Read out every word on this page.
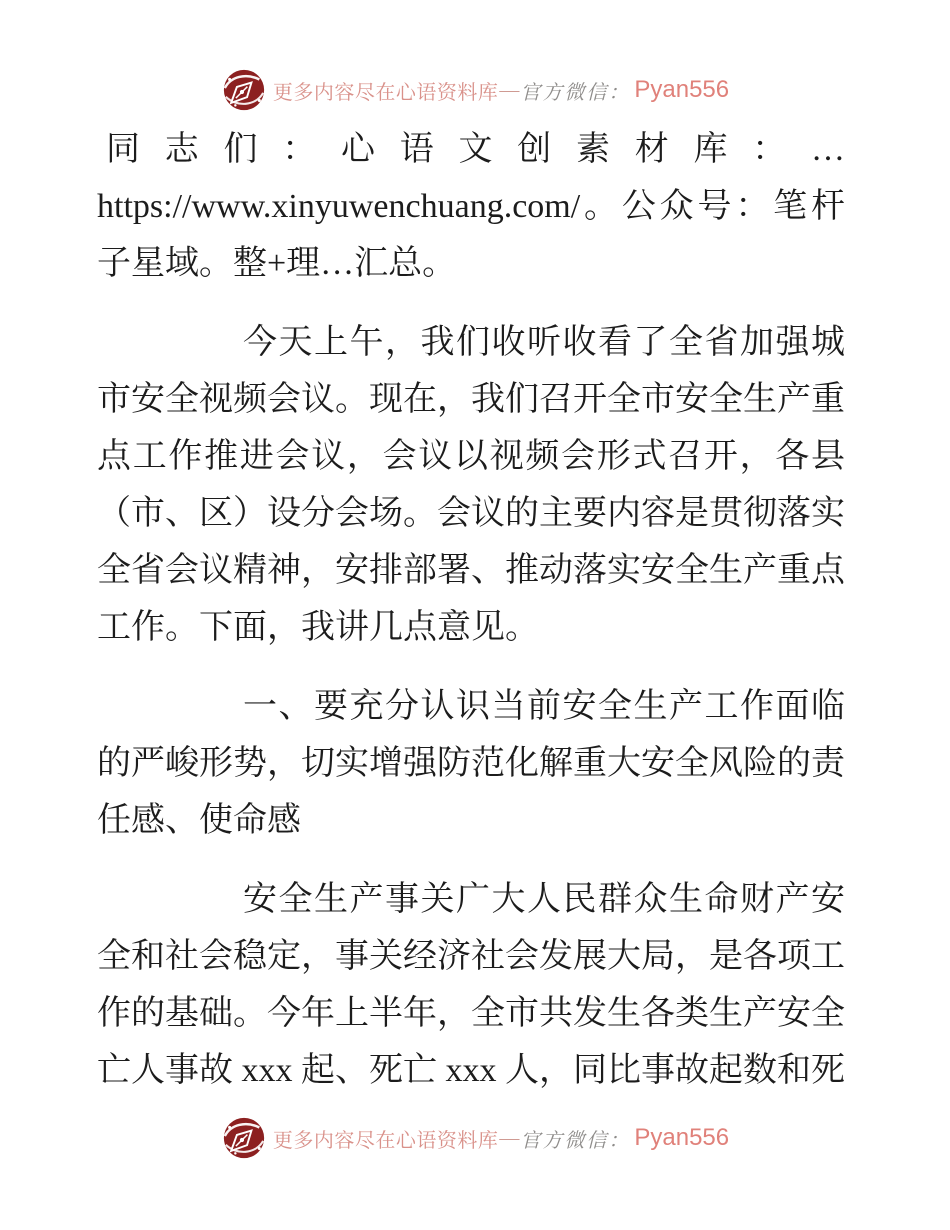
更多内容尽在心语资料库 — 官方微信： Pyan556

同志们：心语文创素材库：…https://www.xinyuwenchuang.com/。公众号：笔杆子星域。整+理…汇总。

今天上午，我们收听收看了全省加强城市安全视频会议。现在，我们召开全市安全生产重点工作推进会议，会议以视频会形式召开，各县（市、区）设分会场。会议的主要内容是贯彻落实全省会议精神，安排部署、推动落实安全生产重点工作。下面，我讲几点意见。

一、要充分认识当前安全生产工作面临的严峻形势，切实增强防范化解重大安全风险的责任感、使命感

安全生产事关广大人民群众生命财产安全和社会稳定，事关经济社会发展大局，是各项工作的基础。今年上半年，全市共发生各类生产安全亡人事故 xxx 起、死亡 xxx 人，同比事故起数和死

更多内容尽在心语资料库 — 官方微信： Pyan556
